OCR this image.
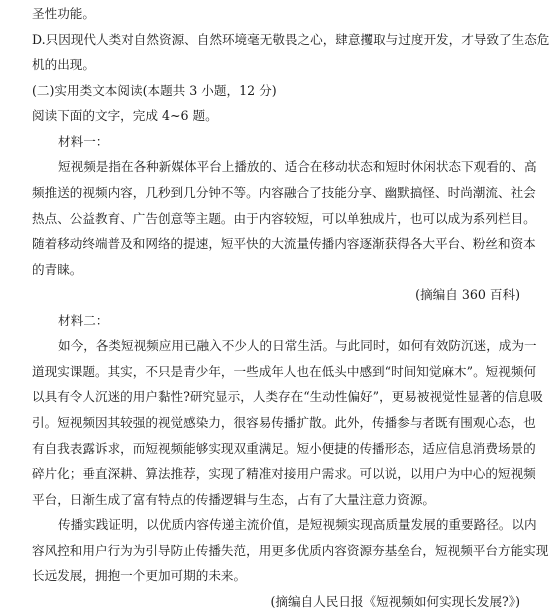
圣性功能。
D.只因现代人类对自然资源、自然环境毫无敬畏之心，肆意攫取与过度开发，才导致了生态危
机的出现。
(二)实用类文本阅读(本题共 3 小题，12 分)
阅读下面的文字，完成 4~6 题。
材料一：
短视频是指在各种新媒体平台上播放的、适合在移动状态和短时休闲状态下观看的、高
频推送的视频内容，几秒到几分钟不等。内容融合了技能分享、幽默搞怪、时尚潮流、社会
热点、公益教育、广告创意等主题。由于内容较短，可以单独成片，也可以成为系列栏目。
随着移动终端普及和网络的提速，短平快的大流量传播内容逐渐获得各大平台、粉丝和资本
的青睐。
(摘编自 360 百科)
材料二：
如今，各类短视频应用已融入不少人的日常生活。与此同时，如何有效防沉迷，成为一
道现实课题。其实，不只是青少年，一些成年人也在低头中感到“时间知觉麻木”。短视频何
以具有令人沉迷的用户黏性?研究显示，人类存在“生动性偏好”，更易被视觉性显著的信息吸
引。短视频因其较强的视觉感染力，很容易传播扩散。此外，传播参与者既有围观心态，也
有自我表露诉求，而短视频能够实现双重满足。短小便捷的传播形态，适应信息消费场景的
碎片化；垂直深耕、算法推荐，实现了精准对接用户需求。可以说，以用户为中心的短视频
平台，日渐生成了富有特点的传播逻辑与生态，占有了大量注意力资源。
传播实践证明，以优质内容传递主流价值，是短视频实现高质量发展的重要路径。以内
容风控和用户行为为引导防止传播失范，用更多优质内容资源夯基垒台，短视频平台方能实现
长远发展，拥抱一个更加可期的未来。
(摘编自人民日报《短视频如何实现长发展?》)
